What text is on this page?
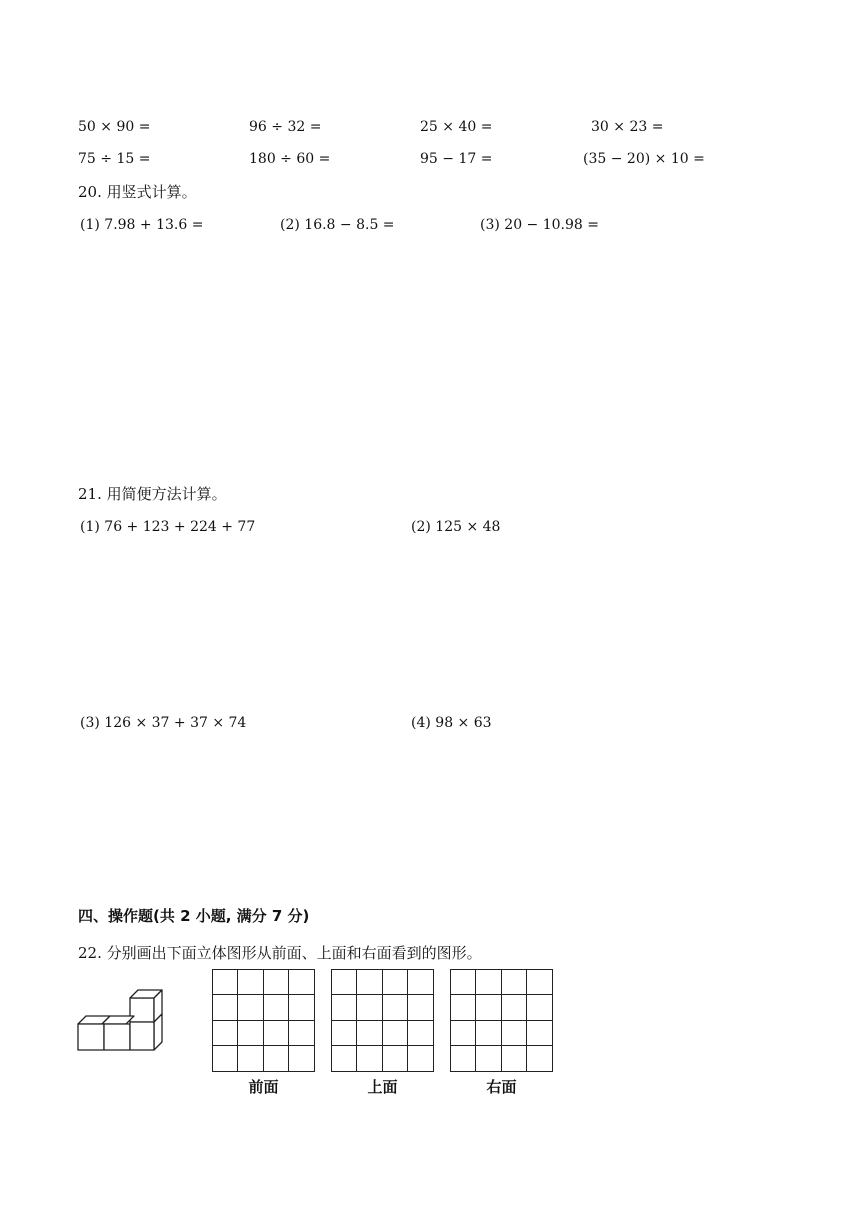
50 × 90 =	96 ÷ 32 =	25 × 40 =	30 × 23 =
75 ÷ 15 =	180 ÷ 60 =	95 − 17 =	(35 − 20) × 10 =
20. 用竖式计算。
(1) 7.98 + 13.6 =	(2) 16.8 − 8.5 =	(3) 20 − 10.98 =
21. 用简便方法计算。
(1) 76 + 123 + 224 + 77	(2) 125 × 48
(3) 126 × 37 + 37 × 74	(4) 98 × 63
四、操作题(共 2 小题, 满分 7 分)
22. 分别画出下面立体图形从前面、上面和右面看到的图形。
前面	上面	右面
